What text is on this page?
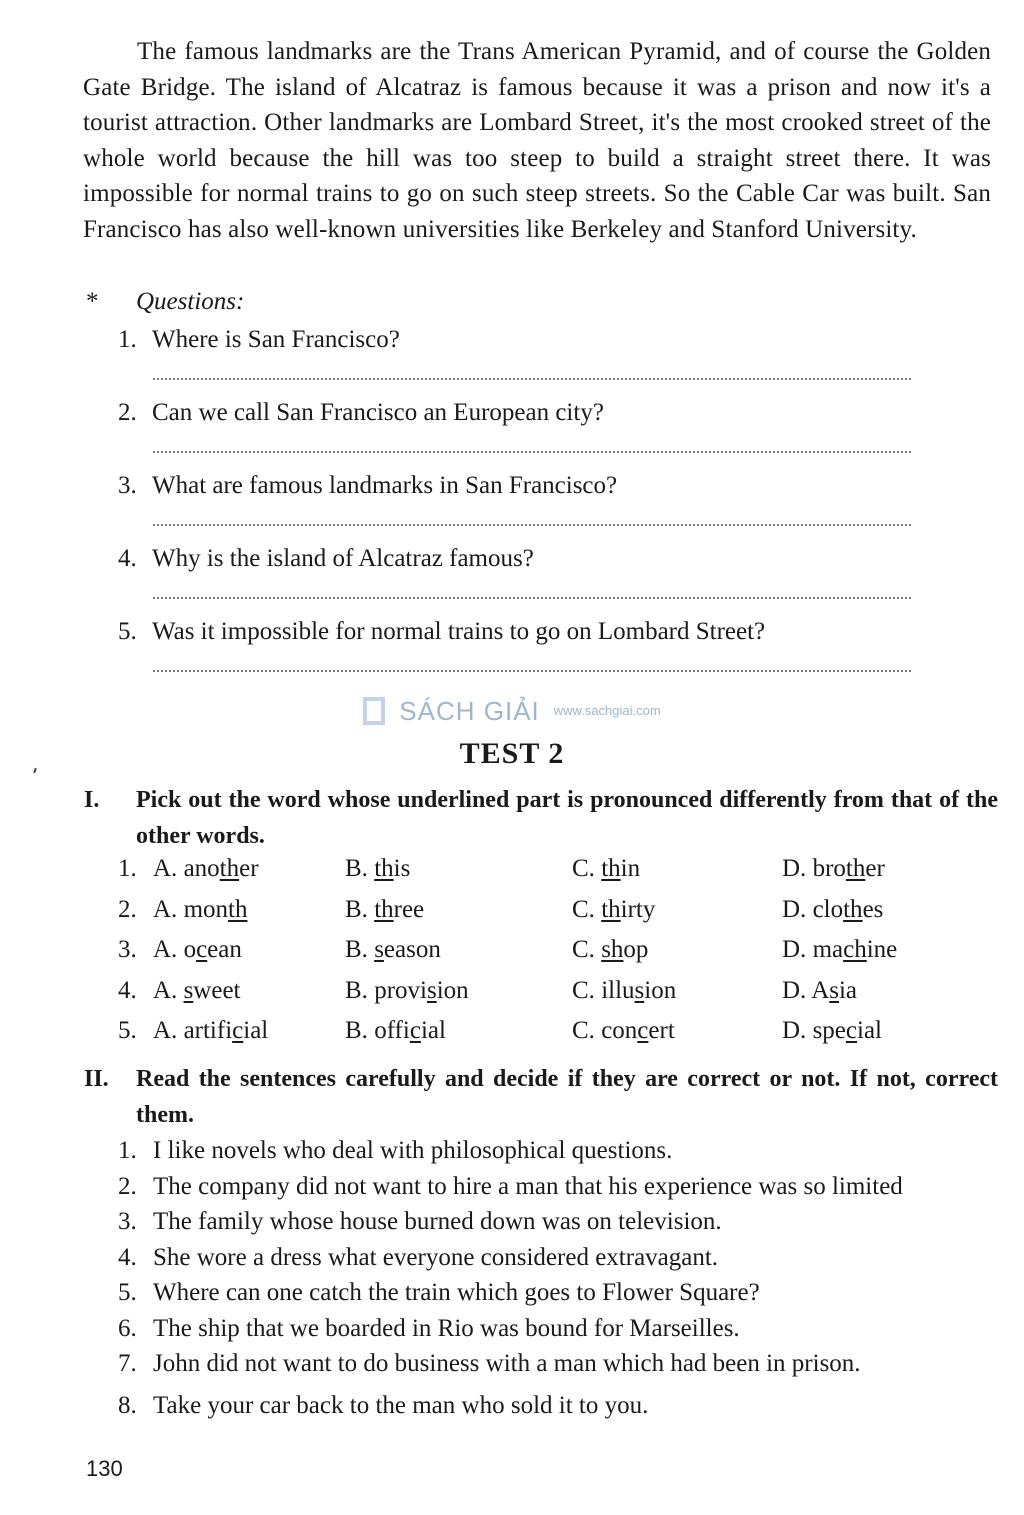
The famous landmarks are the Trans American Pyramid, and of course the Golden Gate Bridge. The island of Alcatraz is famous because it was a prison and now it's a tourist attraction. Other landmarks are Lombard Street, it's the most crooked street of the whole world because the hill was too steep to build a straight street there. It was impossible for normal trains to go on such steep streets. So the Cable Car was built. San Francisco has also well-known universities like Berkeley and Stanford University.

* Questions:
1. Where is San Francisco?
2. Can we call San Francisco an European city?
3. What are famous landmarks in San Francisco?
4. Why is the island of Alcatraz famous?
5. Was it impossible for normal trains to go on Lombard Street?
SÁCH GIẢI www.sachgiai.com
TEST 2
I. Pick out the word whose underlined part is pronounced differently from that of the other words.
1. A. another	B. this	C. thin	D. brother
2. A. month	B. three	C. thirty	D. clothes
3. A. ocean	B. season	C. shop	D. machine
4. A. sweet	B. provision	C. illusion	D. Asia
5. A. artificial	B. official	C. concert	D. special
II. Read the sentences carefully and decide if they are correct or not. If not, correct them.
1. I like novels who deal with philosophical questions.
2. The company did not want to hire a man that his experience was so limited
3. The family whose house burned down was on television.
4. She wore a dress what everyone considered extravagant.
5. Where can one catch the train which goes to Flower Square?
6. The ship that we boarded in Rio was bound for Marseilles.
7. John did not want to do business with a man which had been in prison.
8. Take your car back to the man who sold it to you.
130
